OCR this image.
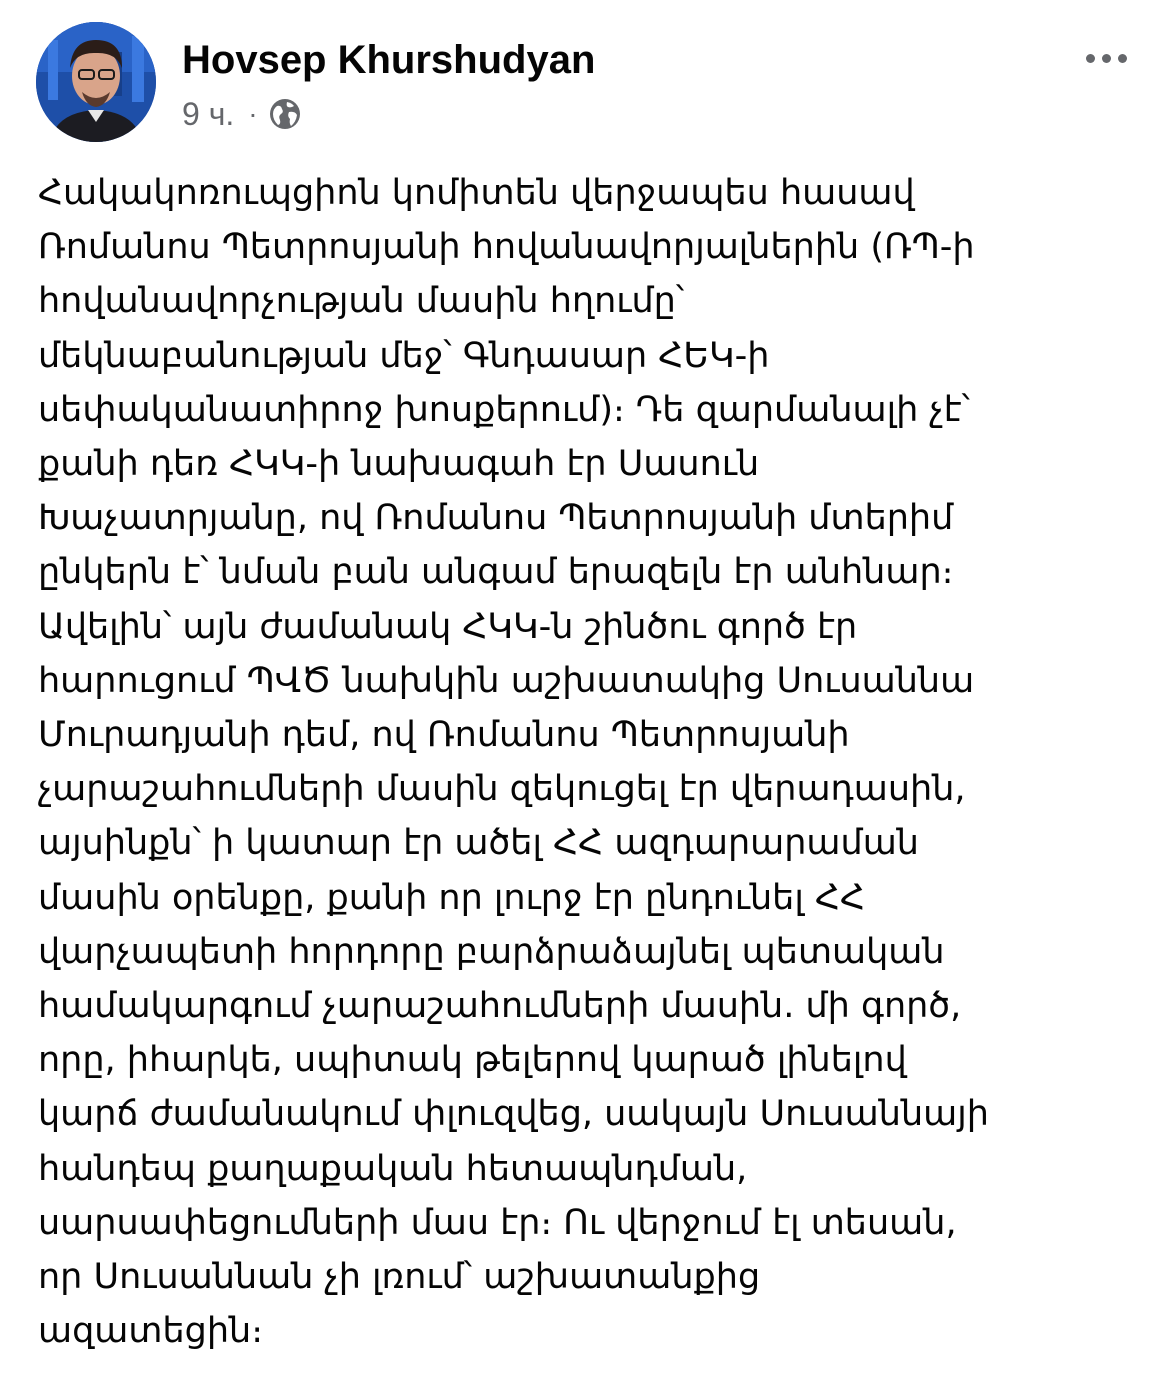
Hovsep Khurshudyan
9 ч. ·
Հակակոռուպցիոն կոմիտեն վերջապես հասավ
Ռոմանոս Պետրոսյանի հովանավորյալներին (ՌՊ-ի
հովանավորչության մասին հղումը՝
մեկնաբանության մեջ՝ Գնդասար ՀԵԿ-ի
սեփականատիրոջ խոսքերում)։ Դե զարմանալի չէ՝
քանի դեռ ՀԿԿ-ի նախագահ էր Սասուն
Խաչատրյանը, ով Ռոմանոս Պետրոսյանի մտերիմ
ընկերն է՝ նման բան անգամ երազելն էր անհնար։
Ավելին՝ այն ժամանակ ՀԿԿ-ն շինծու գործ էր
հարուցում ՊՎԾ նախկին աշխատակից Սուսաննա
Մուրադյանի դեմ, ով Ռոմանոս Պետրոսյանի
չարաշահումների մասին զեկուցել էր վերադասին,
այսինքն՝ ի կատար էր ածել ՀՀ ազդարարաման
մասին օրենքը, քանի որ լուրջ էր ընդունել ՀՀ
վարչապետի հորդորը բարձրաձայնել պետական
համակարգում չարաշահումների մասին. մի գործ,
որը, իհարկե, սպիտակ թելերով կարած լինելով
կարճ ժամանակում փլուզվեց, սակայն Սուսաննայի
հանդեպ քաղաքական հետապնդման,
սարսափեցումների մաս էր։ Ու վերջում էլ տեսան,
որ Սուսաննան չի լռում՝ աշխատանքից
ազատեցին։
